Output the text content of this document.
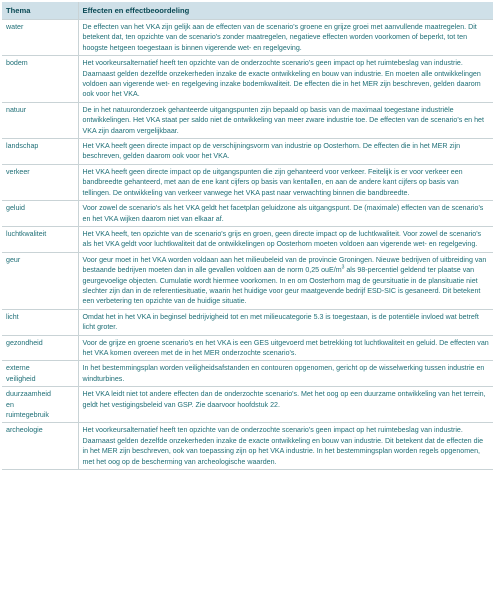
Thema	Effecten en effectbeoordeling
water	De effecten van het VKA zijn gelijk aan de effecten van de scenario's groene en grijze groei met aanvullende maatregelen. Dit betekent dat, ten opzichte van de scenario's zonder maatregelen, negatieve effecten worden voorkomen of beperkt, tot ten hoogste hetgeen toegestaan is binnen vigerende wet- en regelgeving.
bodem	Het voorkeursalternatief heeft ten opzichte van de onderzochte scenario's geen impact op het ruimtebeslag van industrie. Daarnaast gelden dezelfde onzekerheden inzake de exacte ontwikkeling en bouw van industrie. En moeten alle ontwikkelingen voldoen aan vigerende wet- en regelgeving inzake bodemkwaliteit. De effecten die in het MER zijn beschreven, gelden daarom ook voor het VKA.
natuur	De in het natuuronderzoek gehanteerde uitgangspunten zijn bepaald op basis van de maximaal toegestane industriële ontwikkelingen. Het VKA staat per saldo niet de ontwikkeling van meer zware industrie toe. De effecten van de scenario's en het VKA zijn daarom vergelijkbaar.
landschap	Het VKA heeft geen directe impact op de verschijningsvorm van industrie op Oosterhorn. De effecten die in het MER zijn beschreven, gelden daarom ook voor het VKA.
verkeer	Het VKA heeft geen directe impact op de uitgangspunten die zijn gehanteerd voor verkeer. Feitelijk is er voor verkeer een bandbreedte gehanteerd, met aan de ene kant cijfers op basis van kentallen, en aan de andere kant cijfers op basis van tellingen. De ontwikkeling van verkeer vanwege het VKA past naar verwachting binnen die bandbreedte.
geluid	Voor zowel de scenario's als het VKA geldt het facetplan geluidzone als uitgangspunt. De (maximale) effecten van de scenario's en het VKA wijken daarom niet van elkaar af.
luchtkwaliteit	Het VKA heeft, ten opzichte van de scenario's grijs en groen, geen directe impact op de luchtkwaliteit. Voor zowel de scenario's als het VKA geldt voor luchtkwaliteit dat de ontwikkelingen op Oosterhorn moeten voldoen aan vigerende wet- en regelgeving.
geur	Voor geur moet in het VKA worden voldaan aan het milieubeleid van de provincie Groningen. Nieuwe bedrijven of uitbreiding van bestaande bedrijven moeten dan in alle gevallen voldoen aan de norm 0,25 ouE/$m^3$ als 98-percentiel geldend ter plaatse van geurgevoelige objecten. Cumulatie wordt hiermee voorkomen. In en om Oosterhorn mag de geursituatie in de plansituatie niet slechter zijn dan in de referentiesituatie, waarin het huidige voor geur maatgevende bedrijf ESD-SIC is gesaneerd. Dit betekent een verbetering ten opzichte van de huidige situatie.
licht	Omdat het in het VKA in beginsel bedrijvigheid tot en met milieucategorie 5.3 is toegestaan, is de potentiële invloed wat betreft licht groter.
gezondheid	Voor de grijze en groene scenario's en het VKA is een GES uitgevoerd met betrekking tot luchtkwaliteit en geluid. De effecten van het VKA komen overeen met de in het MER onderzochte scenario's.
externe
veiligheid	In het bestemmingsplan worden veiligheidsafstanden en contouren opgenomen, gericht op de wisselwerking tussen industrie en windturbines.
duurzaamheid
en
ruimtegebruik	Het VKA leidt niet tot andere effecten dan de onderzochte scenario's. Met het oog op een duurzame ontwikkeling van het terrein, geldt het vestigingsbeleid van GSP. Zie daarvoor hoofdstuk 22.
archeologie	Het voorkeursalternatief heeft ten opzichte van de onderzochte scenario's geen impact op het ruimtebeslag van industrie. Daarnaast gelden dezelfde onzekerheden inzake de exacte ontwikkeling en bouw van industrie. Dit betekent dat de effecten die in het MER zijn beschreven, ook van toepassing zijn op het VKA industrie. In het bestemmingsplan worden regels opgenomen, met het oog op de bescherming van archeologische waarden.
